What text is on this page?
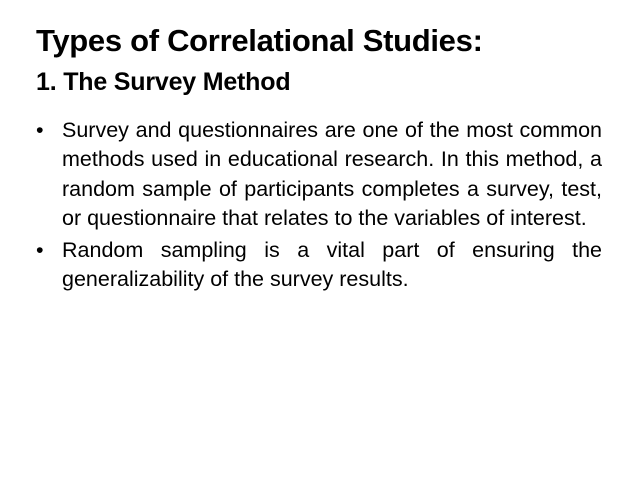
Types of Correlational Studies:
1. The Survey Method
• Survey and questionnaires are one of the most common methods used in educational research. In this method, a random sample of participants completes a survey, test, or questionnaire that relates to the variables of interest.
• Random sampling is a vital part of ensuring the generalizability of the survey results.
